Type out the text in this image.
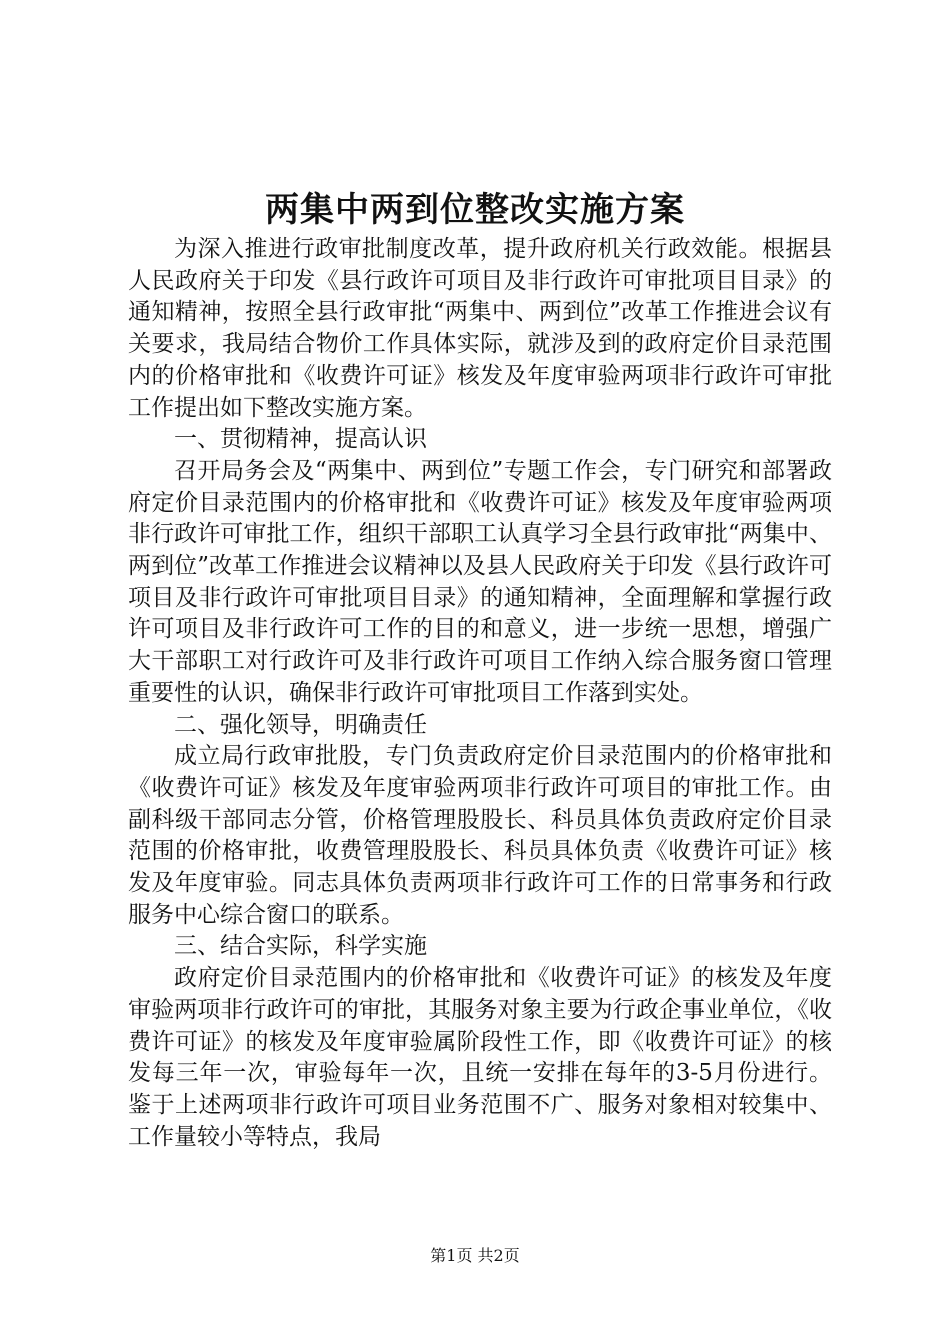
两集中两到位整改实施方案

为深入推进行政审批制度改革，提升政府机关行政效能。根据县人民政府关于印发《县行政许可项目及非行政许可审批项目目录》的通知精神，按照全县行政审批“两集中、两到位”改革工作推进会议有关要求，我局结合物价工作具体实际，就涉及到的政府定价目录范围内的价格审批和《收费许可证》核发及年度审验两项非行政许可审批工作提出如下整改实施方案。

一、贯彻精神，提高认识

召开局务会及“两集中、两到位”专题工作会，专门研究和部署政府定价目录范围内的价格审批和《收费许可证》核发及年度审验两项非行政许可审批工作，组织干部职工认真学习全县行政审批“两集中、两到位”改革工作推进会议精神以及县人民政府关于印发《县行政许可项目及非行政许可审批项目目录》的通知精神，全面理解和掌握行政许可项目及非行政许可工作的目的和意义，进一步统一思想，增强广大干部职工对行政许可及非行政许可项目工作纳入综合服务窗口管理重要性的认识，确保非行政许可审批项目工作落到实处。

二、强化领导，明确责任

成立局行政审批股，专门负责政府定价目录范围内的价格审批和《收费许可证》核发及年度审验两项非行政许可项目的审批工作。由副科级干部同志分管，价格管理股股长、科员具体负责政府定价目录范围的价格审批，收费管理股股长、科员具体负责《收费许可证》核发及年度审验。同志具体负责两项非行政许可工作的日常事务和行政服务中心综合窗口的联系。

三、结合实际，科学实施

政府定价目录范围内的价格审批和《收费许可证》的核发及年度审验两项非行政许可的审批，其服务对象主要为行政企事业单位，《收费许可证》的核发及年度审验属阶段性工作，即《收费许可证》的核发每三年一次，审验每年一次，且统一安排在每年的3-5月份进行。鉴于上述两项非行政许可项目业务范围不广、服务对象相对较集中、工作量较小等特点，我局

第1页 共2页
